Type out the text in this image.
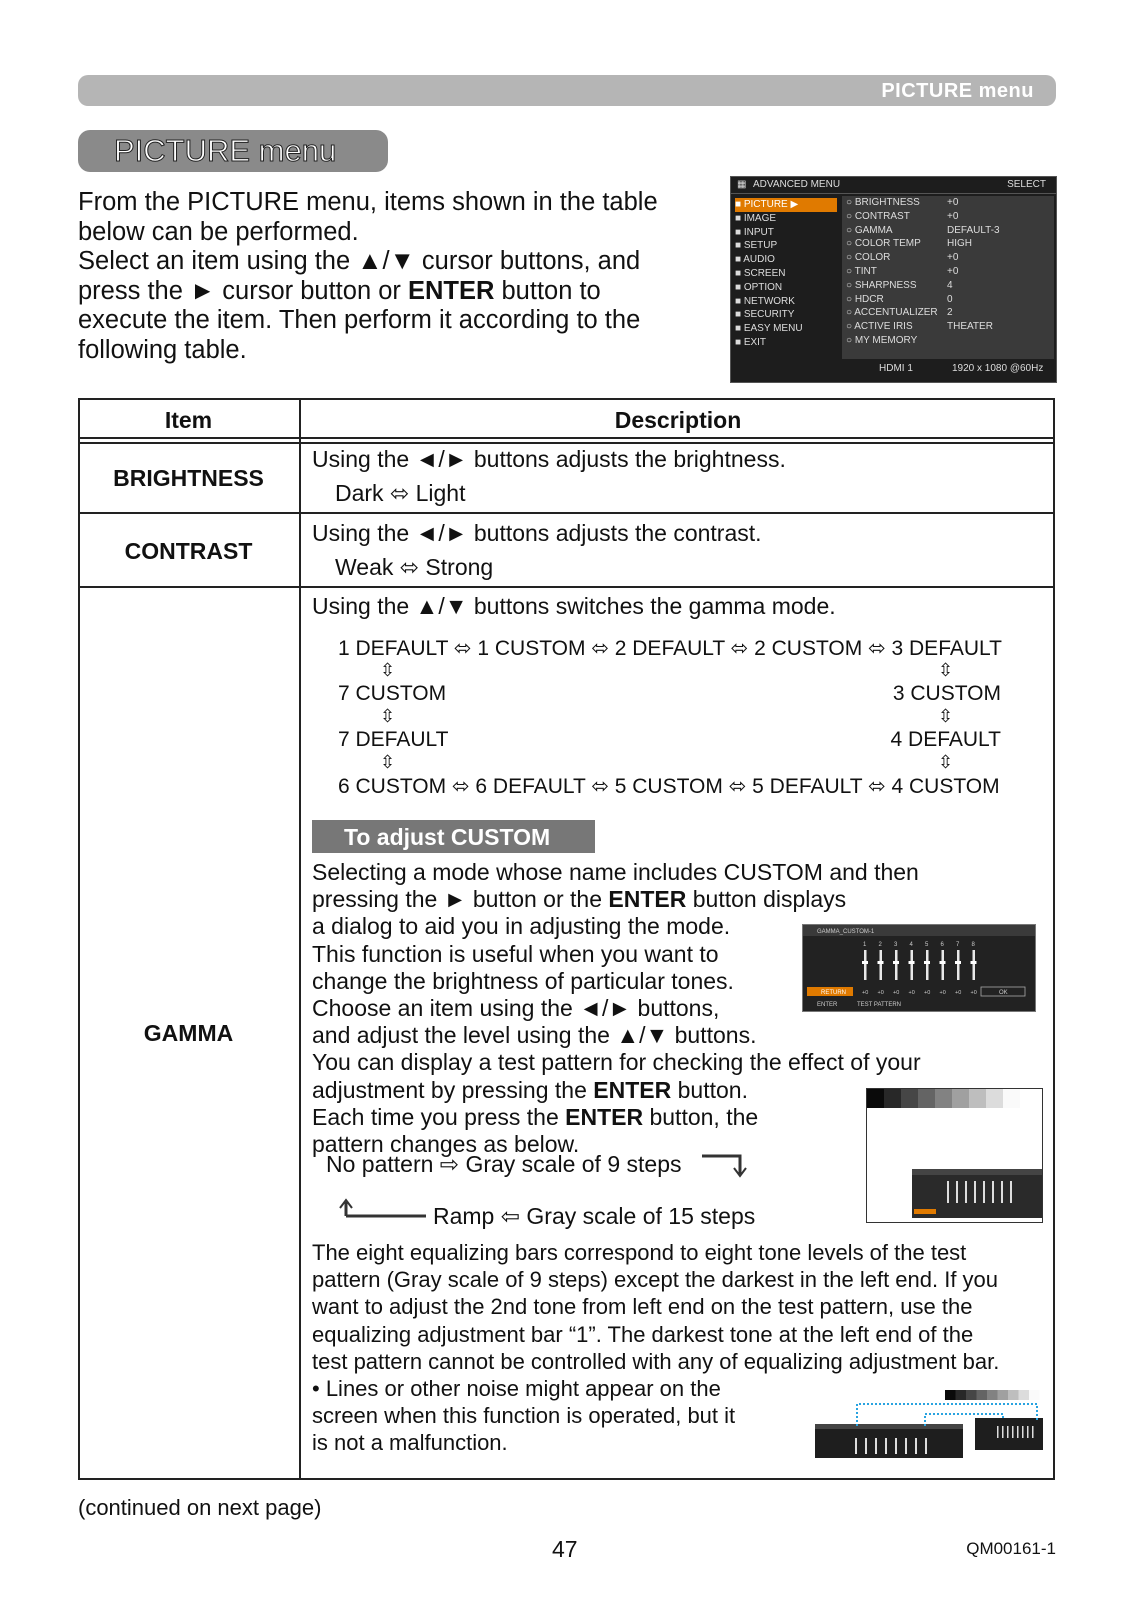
PICTURE menu
PICTURE menu

From the PICTURE menu, items shown in the table

below can be performed.

Select an item using the ▲/▼ cursor buttons, and

press the ► cursor button or ENTER button to

execute the item. Then perform it according to the

following table.

▦ ADVANCED MENU	SELECT
■ PICTURE ▶
■ IMAGE
■ INPUT
■ SETUP
■ AUDIO
■ SCREEN
■ OPTION
■ NETWORK
■ SECURITY
■ EASY MENU
■ EXIT
○ BRIGHTNESS	+0
○ CONTRAST	+0
○ GAMMA	DEFAULT-3
○ COLOR TEMP	HIGH
○ COLOR	+0
○ TINT	+0
○ SHARPNESS	4
○ HDCR	0
○ ACCENTUALIZER 2
○ ACTIVE IRIS	THEATER
○ MY MEMORY
HDMI 1	1920 x 1080 @60Hz
Item	Description
BRIGHTNESS
Using the ◄/► buttons adjusts the brightness.
Dark ⬄ Light
CONTRAST
Using the ◄/► buttons adjusts the contrast.
Weak ⬄ Strong
GAMMA
Using the ▲/▼ buttons switches the gamma mode.
1 DEFAULT ⬄ 1 CUSTOM ⬄ 2 DEFAULT ⬄ 2 CUSTOM ⬄ 3 DEFAULT
⇳	⇳
7 CUSTOM	3 CUSTOM
⇳	⇳
7 DEFAULT	4 DEFAULT
⇳	⇳
6 CUSTOM ⬄ 6 DEFAULT ⬄ 5 CUSTOM ⬄ 5 DEFAULT ⬄ 4 CUSTOM
To adjust CUSTOM
Selecting a mode whose name includes CUSTOM and then
pressing the ► button or the ENTER button displays
a dialog to aid you in adjusting the mode.
This function is useful when you want to
change the brightness of particular tones.
Choose an item using the ◄/► buttons,
and adjust the level using the ▲/▼ buttons.
You can display a test pattern for checking the effect of your
adjustment by pressing the ENTER button.
Each time you press the ENTER button, the
pattern changes as below.
GAMMA_CUSTOM-1
1
+0
2
+0
3
+0
4
+0
5
+0
6
+0
7
+0
8
+0
RETURN	OK
ENTER	TEST PATTERN
No pattern ⇨ Gray scale of 9 steps
Ramp ⇦ Gray scale of 15 steps
The eight equalizing bars correspond to eight tone levels of the test
pattern (Gray scale of 9 steps) except the darkest in the left end. If you
want to adjust the 2nd tone from left end on the test pattern, use the
equalizing adjustment bar “1”. The darkest tone at the left end of the
test pattern cannot be controlled with any of equalizing adjustment bar.
• Lines or other noise might appear on the
screen when this function is operated, but it
is not a malfunction.
(continued on next page)
47	QM00161-1
